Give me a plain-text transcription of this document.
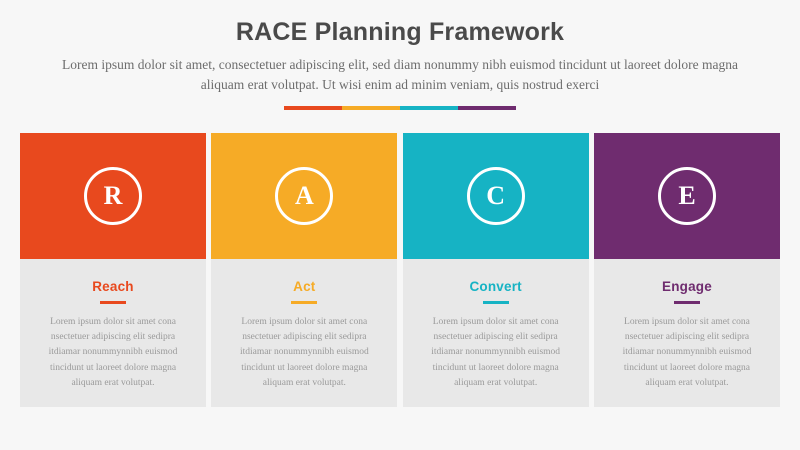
RACE Planning Framework

Lorem ipsum dolor sit amet, consectetuer adipiscing elit, sed diam nonummy nibh euismod tincidunt ut laoreet dolore magna aliquam erat volutpat. Ut wisi enim ad minim veniam, quis nostrud exerci

R
Reach
Lorem ipsum dolor sit amet cona nsectetuer adipiscing elit sedipra itdiamar nonummynnibh euismod tincidunt ut laoreet dolore magna aliquam erat volutpat.
A
Act
Lorem ipsum dolor sit amet cona nsectetuer adipiscing elit sedipra itdiamar nonummynnibh euismod tincidunt ut laoreet dolore magna aliquam erat volutpat.
C
Convert
Lorem ipsum dolor sit amet cona nsectetuer adipiscing elit sedipra itdiamar nonummynnibh euismod tincidunt ut laoreet dolore magna aliquam erat volutpat.
E
Engage
Lorem ipsum dolor sit amet cona nsectetuer adipiscing elit sedipra itdiamar nonummynnibh euismod tincidunt ut laoreet dolore magna aliquam erat volutpat.
